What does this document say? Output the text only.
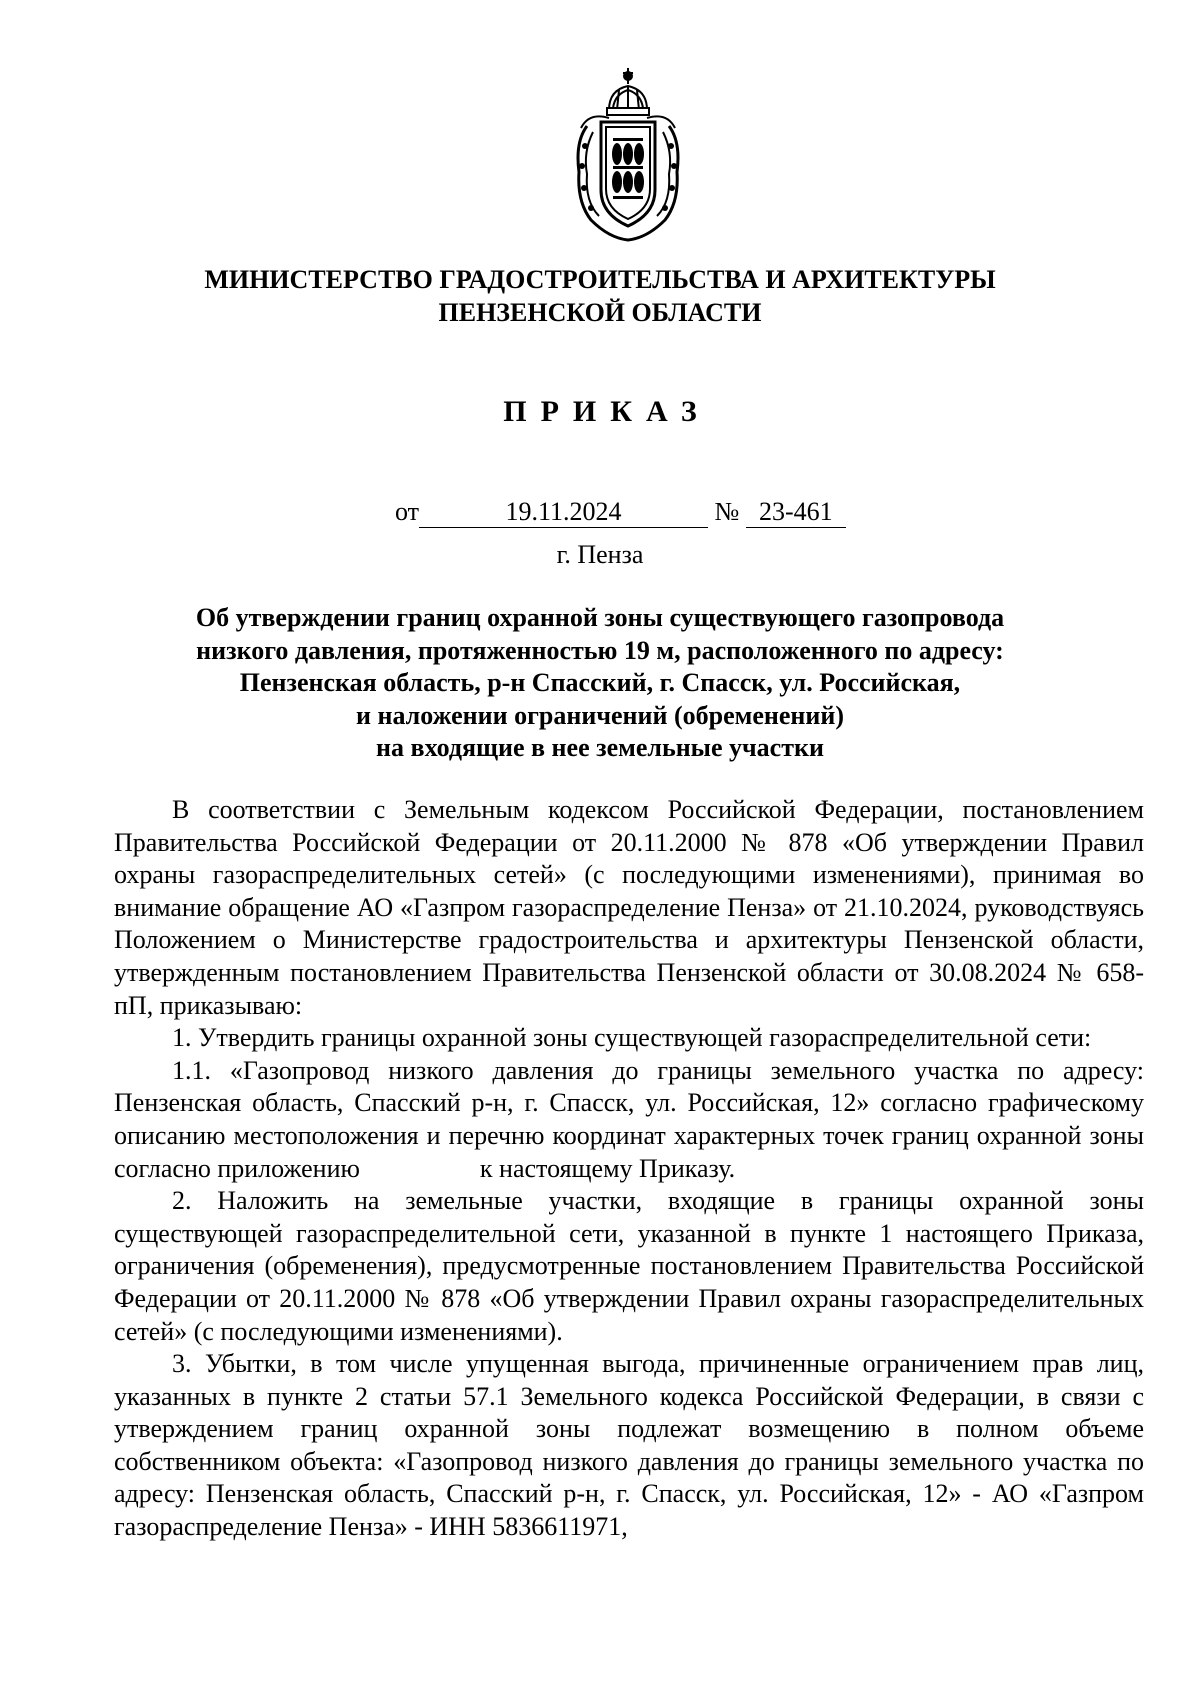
МИНИСТЕРСТВО ГРАДОСТРОИТЕЛЬСТВА И АРХИТЕКТУРЫ
ПЕНЗЕНСКОЙ ОБЛАСТИ
ПРИКАЗ
от	19.11.2024	№ 23-461
г. Пенза
Об утверждении границ охранной зоны существующего газопровода
низкого давления, протяженностью 19 м, расположенного по адресу:
Пензенская область, р-н Спасский, г. Спасск, ул. Российская,
и наложении ограничений (обременений)
на входящие в нее земельные участки

В соответствии с Земельным кодексом Российской Федерации, постановлением Правительства Российской Федерации от 20.11.2000 № 878 «Об утверждении Правил охраны газораспределительных сетей» (с последующими изменениями), принимая во внимание обращение АО «Газпром газораспределение Пенза» от 21.10.2024, руководствуясь Положением о Министерстве градостроительства и архитектуры Пензенской области, утвержденным постановлением Правительства Пензенской области от 30.08.2024 № 658-пП, приказываю:

1. Утвердить границы охранной зоны существующей газораспределительной сети:

1.1. «Газопровод низкого давления до границы земельного участка по адресу: Пензенская область, Спасский р-н, г. Спасск, ул. Российская, 12» согласно графическому описанию местоположения и перечню координат характерных точек границ охранной зоны согласно приложению	к настоящему Приказу.

2. Наложить на земельные участки, входящие в границы охранной зоны существующей газораспределительной сети, указанной в пункте 1 настоящего Приказа, ограничения (обременения), предусмотренные постановлением Правительства Российской Федерации от 20.11.2000 № 878 «Об утверждении Правил охраны газораспределительных сетей» (с последующими изменениями).

3. Убытки, в том числе упущенная выгода, причиненные ограничением прав лиц, указанных в пункте 2 статьи 57.1 Земельного кодекса Российской Федерации, в связи с утверждением границ охранной зоны подлежат возмещению в полном объеме собственником объекта: «Газопровод низкого давления до границы земельного участка по адресу: Пензенская область, Спасский р-н, г. Спасск, ул. Российская, 12» - АО «Газпром газораспределение Пенза» - ИНН 5836611971,
